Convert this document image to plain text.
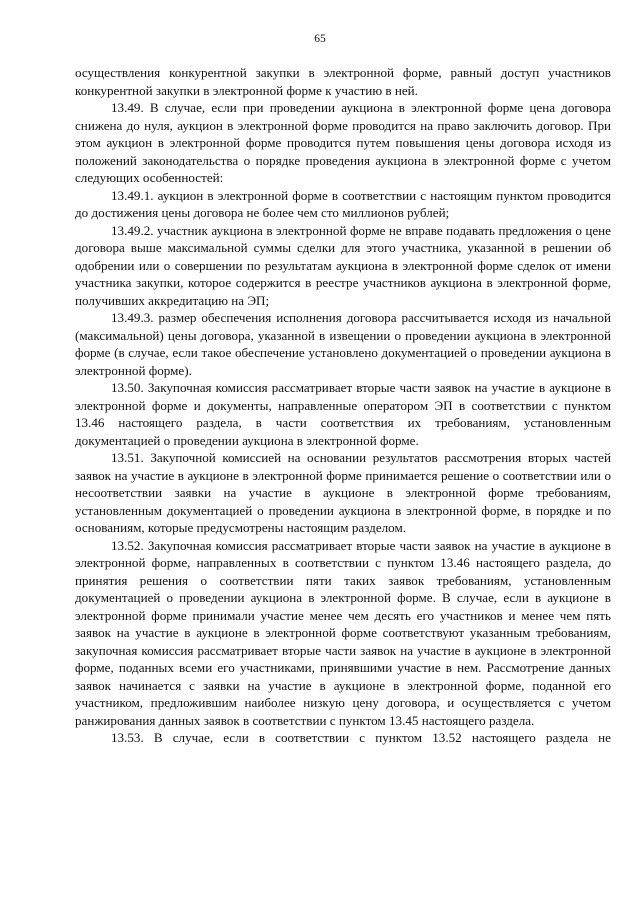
65

осуществления конкурентной закупки в электронной форме, равный доступ участников конкурентной закупки в электронной форме к участию в ней.

13.49. В случае, если при проведении аукциона в электронной форме цена договора снижена до нуля, аукцион в электронной форме проводится на право заключить договор. При этом аукцион в электронной форме проводится путем повышения цены договора исходя из положений законодательства о порядке проведения аукциона в электронной форме с учетом следующих особенностей:

13.49.1. аукцион в электронной форме в соответствии с настоящим пунктом проводится до достижения цены договора не более чем сто миллионов рублей;

13.49.2. участник аукциона в электронной форме не вправе подавать предложения о цене договора выше максимальной суммы сделки для этого участника, указанной в решении об одобрении или о совершении по результатам аукциона в электронной форме сделок от имени участника закупки, которое содержится в реестре участников аукциона в электронной форме, получивших аккредитацию на ЭП;

13.49.3. размер обеспечения исполнения договора рассчитывается исходя из начальной (максимальной) цены договора, указанной в извещении о проведении аукциона в электронной форме (в случае, если такое обеспечение установлено документацией о проведении аукциона в электронной форме).

13.50. Закупочная комиссия рассматривает вторые части заявок на участие в аукционе в электронной форме и документы, направленные оператором ЭП в соответствии с пунктом 13.46 настоящего раздела, в части соответствия их требованиям, установленным документацией о проведении аукциона в электронной форме.

13.51. Закупочной комиссией на основании результатов рассмотрения вторых частей заявок на участие в аукционе в электронной форме принимается решение о соответствии или о несоответствии заявки на участие в аукционе в электронной форме требованиям, установленным документацией о проведении аукциона в электронной форме, в порядке и по основаниям, которые предусмотрены настоящим разделом.

13.52. Закупочная комиссия рассматривает вторые части заявок на участие в аукционе в электронной форме, направленных в соответствии с пунктом 13.46 настоящего раздела, до принятия решения о соответствии пяти таких заявок требованиям, установленным документацией о проведении аукциона в электронной форме. В случае, если в аукционе в электронной форме принимали участие менее чем десять его участников и менее чем пять заявок на участие в аукционе в электронной форме соответствуют указанным требованиям, закупочная комиссия рассматривает вторые части заявок на участие в аукционе в электронной форме, поданных всеми его участниками, принявшими участие в нем. Рассмотрение данных заявок начинается с заявки на участие в аукционе в электронной форме, поданной его участником, предложившим наиболее низкую цену договора, и осуществляется с учетом ранжирования данных заявок в соответствии с пунктом 13.45 настоящего раздела.

13.53. В случае, если в соответствии с пунктом 13.52 настоящего раздела не
